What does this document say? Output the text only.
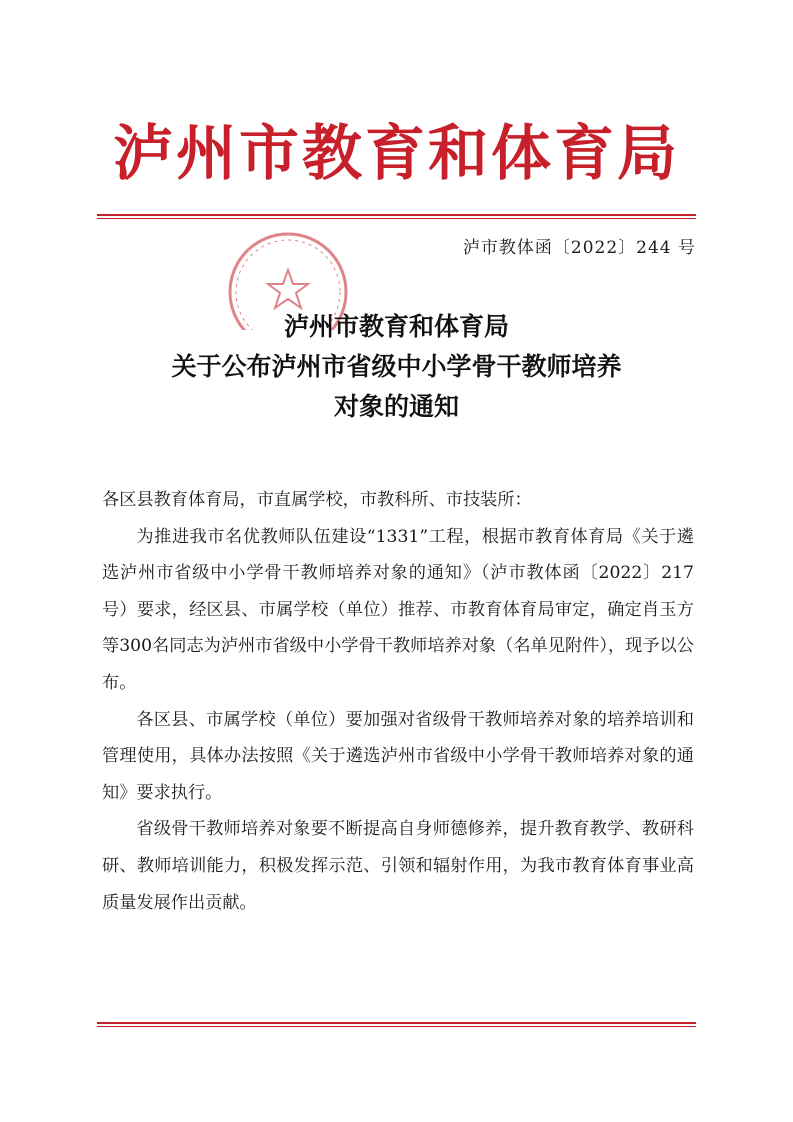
泸州市教育和体育局
泸市教体函〔2022〕244 号
泸州市教育和体育局
关于公布泸州市省级中小学骨干教师培养
对象的通知

各区县教育体育局，市直属学校，市教科所、市技装所：

为推进我市名优教师队伍建设“1331”工程，根据市教育体育局《关于遴选泸州市省级中小学骨干教师培养对象的通知》（泸市教体函〔2022〕217号）要求，经区县、市属学校（单位）推荐、市教育体育局审定，确定肖玉方等300名同志为泸州市省级中小学骨干教师培养对象（名单见附件），现予以公布。

各区县、市属学校（单位）要加强对省级骨干教师培养对象的培养培训和管理使用，具体办法按照《关于遴选泸州市省级中小学骨干教师培养对象的通知》要求执行。

省级骨干教师培养对象要不断提高自身师德修养，提升教育教学、教研科研、教师培训能力，积极发挥示范、引领和辐射作用，为我市教育体育事业高质量发展作出贡献。
